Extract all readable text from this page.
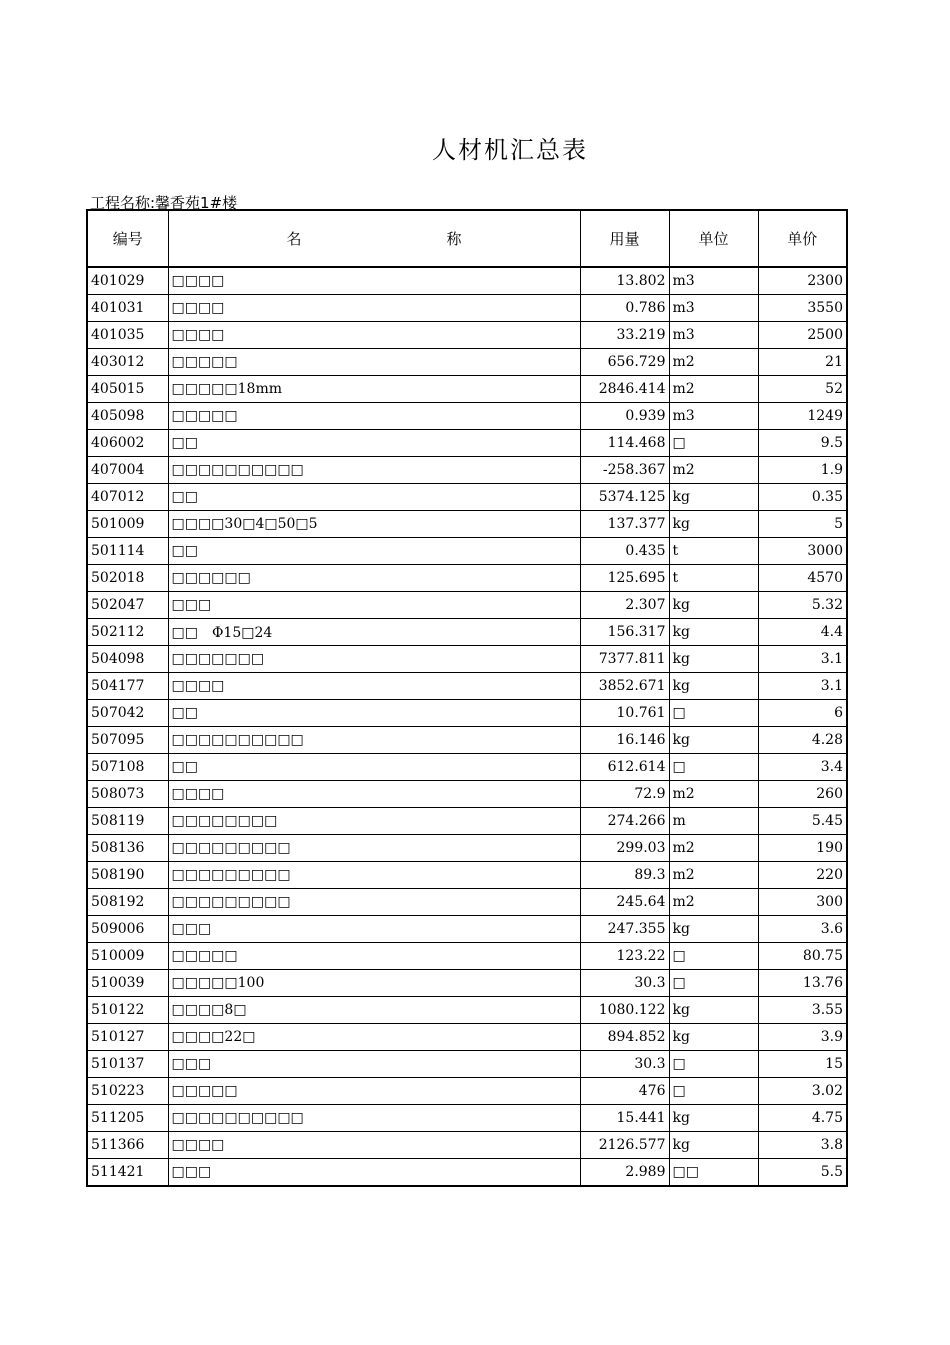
人材机汇总表
工程名称:馨香苑1#楼
编号	名 称	用量	单位	单价
401029	□□□□	13.802	m3	2300
401031	□□□□	0.786	m3	3550
401035	□□□□	33.219	m3	2500
403012	□□□□□	656.729	m2	21
405015	□□□□□18mm	2846.414	m2	52
405098	□□□□□	0.939	m3	1249
406002	□□	114.468	□	9.5
407004	□□□□□□□□□□	-258.367	m2	1.9
407012	□□	5374.125	kg	0.35
501009	□□□□30□4□50□5	137.377	kg	5
501114	□□	0.435	t	3000
502018	□□□□□□	125.695	t	4570
502047	□□□	2.307	kg	5.32
502112	□□　Φ15□24	156.317	kg	4.4
504098	□□□□□□□	7377.811	kg	3.1
504177	□□□□	3852.671	kg	3.1
507042	□□	10.761	□	6
507095	□□□□□□□□□□	16.146	kg	4.28
507108	□□	612.614	□	3.4
508073	□□□□	72.9	m2	260
508119	□□□□□□□□	274.266	m	5.45
508136	□□□□□□□□□	299.03	m2	190
508190	□□□□□□□□□	89.3	m2	220
508192	□□□□□□□□□	245.64	m2	300
509006	□□□	247.355	kg	3.6
510009	□□□□□	123.22	□	80.75
510039	□□□□□100	30.3	□	13.76
510122	□□□□8□	1080.122	kg	3.55
510127	□□□□22□	894.852	kg	3.9
510137	□□□	30.3	□	15
510223	□□□□□	476	□	3.02
511205	□□□□□□□□□□	15.441	kg	4.75
511366	□□□□	2126.577	kg	3.8
511421	□□□	2.989	□□	5.5
